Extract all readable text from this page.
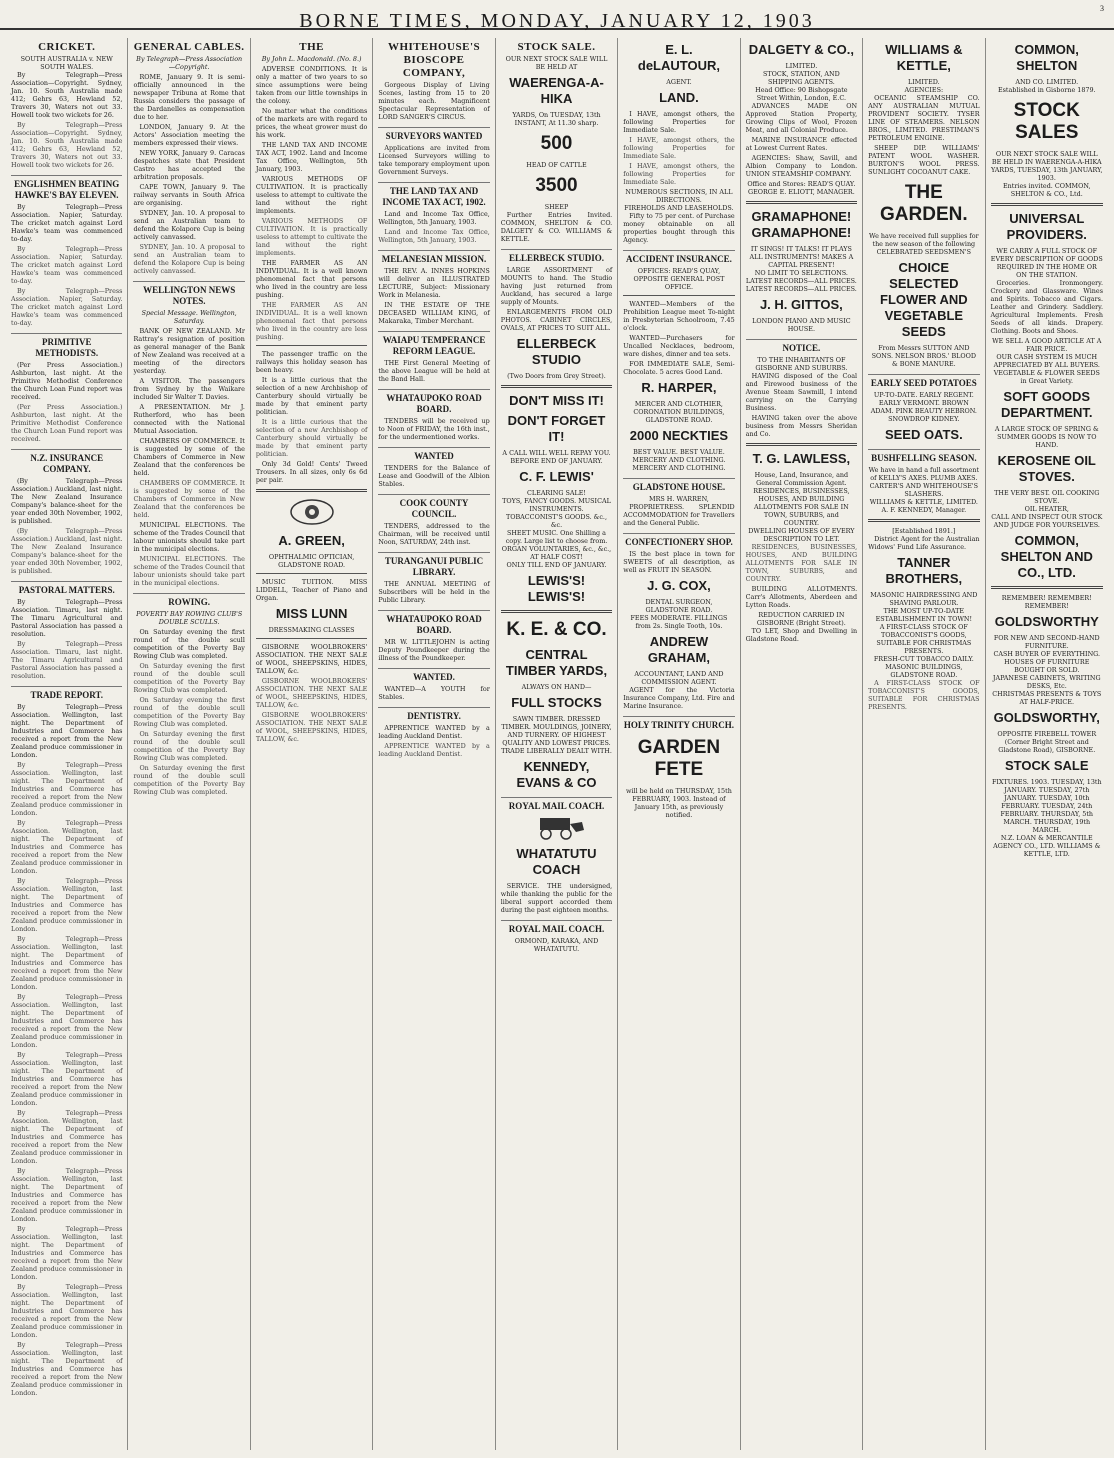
BORNE TIMES, MONDAY, JANUARY 12, 1903
3
CRICKET.
SOUTH AUSTRALIA v. NEW SOUTH WALES.

By Telegraph—Press Association—Copyright. Sydney, Jan. 10. South Australia made 412; Gehrs 63, Hewland 52, Travers 30, Waters not out 33. Howell took two wickets for 26.

By Telegraph—Press Association—Copyright. Sydney, Jan. 10. South Australia made 412; Gehrs 63, Hewland 52, Travers 30, Waters not out 33. Howell took two wickets for 26.

ENGLISHMEN BEATING HAWKE'S BAY ELEVEN.

By Telegraph—Press Association. Napier, Saturday. The cricket match against Lord Hawke's team was commenced to-day.

By Telegraph—Press Association. Napier, Saturday. The cricket match against Lord Hawke's team was commenced to-day.

By Telegraph—Press Association. Napier, Saturday. The cricket match against Lord Hawke's team was commenced to-day.

PRIMITIVE METHODISTS.

(Per Press Association.) Ashburton, last night. At the Primitive Methodist Conference the Church Loan Fund report was received.

(Per Press Association.) Ashburton, last night. At the Primitive Methodist Conference the Church Loan Fund report was received.

N.Z. INSURANCE COMPANY.

(By Telegraph—Press Association.) Auckland, last night. The New Zealand Insurance Company's balance-sheet for the year ended 30th November, 1902, is published.

(By Telegraph—Press Association.) Auckland, last night. The New Zealand Insurance Company's balance-sheet for the year ended 30th November, 1902, is published.

PASTORAL MATTERS.

By Telegraph—Press Association. Timaru, last night. The Timaru Agricultural and Pastoral Association has passed a resolution.

By Telegraph—Press Association. Timaru, last night. The Timaru Agricultural and Pastoral Association has passed a resolution.

TRADE REPORT.

By Telegraph—Press Association. Wellington, last night. The Department of Industries and Commerce has received a report from the New Zealand produce commissioner in London.

By Telegraph—Press Association. Wellington, last night. The Department of Industries and Commerce has received a report from the New Zealand produce commissioner in London.

By Telegraph—Press Association. Wellington, last night. The Department of Industries and Commerce has received a report from the New Zealand produce commissioner in London.

By Telegraph—Press Association. Wellington, last night. The Department of Industries and Commerce has received a report from the New Zealand produce commissioner in London.

By Telegraph—Press Association. Wellington, last night. The Department of Industries and Commerce has received a report from the New Zealand produce commissioner in London.

By Telegraph—Press Association. Wellington, last night. The Department of Industries and Commerce has received a report from the New Zealand produce commissioner in London.

By Telegraph—Press Association. Wellington, last night. The Department of Industries and Commerce has received a report from the New Zealand produce commissioner in London.

By Telegraph—Press Association. Wellington, last night. The Department of Industries and Commerce has received a report from the New Zealand produce commissioner in London.

By Telegraph—Press Association. Wellington, last night. The Department of Industries and Commerce has received a report from the New Zealand produce commissioner in London.

By Telegraph—Press Association. Wellington, last night. The Department of Industries and Commerce has received a report from the New Zealand produce commissioner in London.

By Telegraph—Press Association. Wellington, last night. The Department of Industries and Commerce has received a report from the New Zealand produce commissioner in London.

By Telegraph—Press Association. Wellington, last night. The Department of Industries and Commerce has received a report from the New Zealand produce commissioner in London.

GENERAL CABLES.
By Telegraph—Press Association—Copyright.

ROME, January 9. It is semi-officially announced in the newspaper Tribuna at Rome that Russia considers the passage of the Dardanelles as compensation due to her.

LONDON, January 9. At the Actors' Association meeting the members expressed their views.

NEW YORK, January 9. Caracas despatches state that President Castro has accepted the arbitration proposals.

CAPE TOWN, January 9. The railway servants in South Africa are organising.

SYDNEY, Jan. 10. A proposal to send an Australian team to defend the Kolapore Cup is being actively canvassed.

SYDNEY, Jan. 10. A proposal to send an Australian team to defend the Kolapore Cup is being actively canvassed.

WELLINGTON NEWS NOTES.
Special Message. Wellington, Saturday.

BANK OF NEW ZEALAND. Mr Rattray's resignation of position as general manager of the Bank of New Zealand was received at a meeting of the directors yesterday.

A VISITOR. The passengers from Sydney by the Waikare included Sir Walter T. Davies.

A PRESENTATION. Mr J. Rutherford, who has been connected with the National Mutual Association.

CHAMBERS OF COMMERCE. It is suggested by some of the Chambers of Commerce in New Zealand that the conferences be held.

CHAMBERS OF COMMERCE. It is suggested by some of the Chambers of Commerce in New Zealand that the conferences be held.

MUNICIPAL ELECTIONS. The scheme of the Trades Council that labour unionists should take part in the municipal elections.

MUNICIPAL ELECTIONS. The scheme of the Trades Council that labour unionists should take part in the municipal elections.

ROWING.
POVERTY BAY ROWING CLUB'S DOUBLE SCULLS.

On Saturday evening the first round of the double scull competition of the Poverty Bay Rowing Club was completed.

On Saturday evening the first round of the double scull competition of the Poverty Bay Rowing Club was completed.

On Saturday evening the first round of the double scull competition of the Poverty Bay Rowing Club was completed.

On Saturday evening the first round of the double scull competition of the Poverty Bay Rowing Club was completed.

On Saturday evening the first round of the double scull competition of the Poverty Bay Rowing Club was completed.

THE
By John L. Macdonald. (No. 8.)

ADVERSE CONDITIONS. It is only a matter of two years to so since assumptions were being taken from our little townships in the colony.

No matter what the conditions of the markets are with regard to prices, the wheat grower must do his work.

THE LAND TAX AND INCOME TAX ACT, 1902. Land and Income Tax Office, Wellington, 5th January, 1903.

VARIOUS METHODS OF CULTIVATION. It is practically useless to attempt to cultivate the land without the right implements.

VARIOUS METHODS OF CULTIVATION. It is practically useless to attempt to cultivate the land without the right implements.

THE FARMER AS AN INDIVIDUAL. It is a well known phenomenal fact that persons who lived in the country are less pushing.

THE FARMER AS AN INDIVIDUAL. It is a well known phenomenal fact that persons who lived in the country are less pushing.

The passenger traffic on the railways this holiday season has been heavy.

It is a little curious that the selection of a new Archbishop of Canterbury should virtually be made by that eminent party politician.

It is a little curious that the selection of a new Archbishop of Canterbury should virtually be made by that eminent party politician.

Only 3d Gold! Cents' Tweed Trousers. In all sizes, only 6s 6d per pair.

A. GREEN,
OPHTHALMIC OPTICIAN, GLADSTONE ROAD.

MUSIC TUITION. MISS LIDDELL, Teacher of Piano and Organ.

MISS LUNN
DRESSMAKING CLASSES

GISBORNE WOOLBROKERS' ASSOCIATION. THE NEXT SALE of WOOL, SHEEPSKINS, HIDES, TALLOW, &c.

GISBORNE WOOLBROKERS' ASSOCIATION. THE NEXT SALE of WOOL, SHEEPSKINS, HIDES, TALLOW, &c.

GISBORNE WOOLBROKERS' ASSOCIATION. THE NEXT SALE of WOOL, SHEEPSKINS, HIDES, TALLOW, &c.

WHITEHOUSE'S BIOSCOPE COMPANY,

Gorgeous Display of Living Scenes, lasting from 15 to 20 minutes each. Magnificent Spectacular Representation of LORD SANGER'S CIRCUS.

SURVEYORS WANTED

Applications are invited from Licensed Surveyors willing to take temporary employment upon Government Surveys.

THE LAND TAX AND INCOME TAX ACT, 1902.

Land and Income Tax Office, Wellington, 5th January, 1903.

Land and Income Tax Office, Wellington, 5th January, 1903.

MELANESIAN MISSION.

THE REV. A. INNES HOPKINS will deliver an ILLUSTRATED LECTURE, Subject: Missionary Work in Melanesia.

IN THE ESTATE OF THE DECEASED WILLIAM KING, of Makaraka, Timber Merchant.

WAIAPU TEMPERANCE REFORM LEAGUE.

THE First General Meeting of the above League will be held at the Band Hall.

WHATAUPOKO ROAD BOARD.

TENDERS will be received up to Noon of FRIDAY, the 16th inst., for the undermentioned works.

WANTED

TENDERS for the Balance of Lease and Goodwill of the Albion Stables.

COOK COUNTY COUNCIL.

TENDERS, addressed to the Chairman, will be received until Noon, SATURDAY, 24th inst.

TURANGANUI PUBLIC LIBRARY.

THE ANNUAL MEETING of Subscribers will be held in the Public Library.

WHATAUPOKO ROAD BOARD.

MR W. LITTLEJOHN is acting Deputy Poundkeeper during the illness of the Poundkeeper.

WANTED.

WANTED—A YOUTH for Stables.

DENTISTRY.

APPRENTICE WANTED by a leading Auckland Dentist.

APPRENTICE WANTED by a leading Auckland Dentist.

STOCK SALE.
OUR NEXT STOCK SALE WILL BE HELD AT
WAERENGA-A-HIKA
YARDS, On TUESDAY, 13th INSTANT, At 11.30 sharp.
500
HEAD OF CATTLE
3500
SHEEP

Further Entries Invited. COMMON, SHELTON & CO. DALGETY & CO. WILLIAMS & KETTLE.

ELLERBECK STUDIO.

LARGE ASSORTMENT of MOUNTS to hand. The Studio having just returned from Auckland, has secured a large supply of Mounts.

ENLARGEMENTS FROM OLD PHOTOS. CABINET CIRCLES, OVALS, AT PRICES TO SUIT ALL.

ELLERBECK STUDIO
(Two Doors from Grey Street).
DON'T MISS IT!
DON'T FORGET IT!
A CALL WILL WELL REPAY YOU. BEFORE END OF JANUARY.
C. F. LEWIS'
CLEARING SALE!
TOYS, FANCY GOODS. MUSICAL INSTRUMENTS. TOBACCONIST'S GOODS. &c., &c.
SHEET MUSIC. One Shilling a copy. Large list to choose from.
ORGAN VOLUNTARIES, &c., &c., AT HALF COST!
ONLY TILL END OF JANUARY.
LEWIS'S! LEWIS'S!
K. E. & CO.
CENTRAL TIMBER YARDS,
ALWAYS ON HAND—
FULL STOCKS
SAWN TIMBER. DRESSED TIMBER. MOULDINGS, JOINERY, AND TURNERY. OF HIGHEST QUALITY AND LOWEST PRICES.
TRADE LIBERALLY DEALT WITH.
KENNEDY, EVANS & CO
ROYAL MAIL COACH.
WHATATUTU COACH

SERVICE. THE undersigned, while thanking the public for the liberal support accorded them during the past eighteen months.

ROYAL MAIL COACH.
ORMOND, KARAKA, AND WHATATUTU.
E. L. deLAUTOUR,
AGENT.
LAND.

I HAVE, amongst others, the following Properties for Immediate Sale.

I HAVE, amongst others, the following Properties for Immediate Sale.

I HAVE, amongst others, the following Properties for Immediate Sale.

NUMEROUS SECTIONS, IN ALL DIRECTIONS.
FIREHOLDS AND LEASEHOLDS.

Fifty to 75 per cent. of Purchase money obtainable on all properties bought through this Agency.

ACCIDENT INSURANCE.
OFFICES: READ'S QUAY, OPPOSITE GENERAL POST OFFICE.

WANTED—Members of the Prohibition League meet To-night in Presbyterian Schoolroom, 7.45 o'clock.

WANTED—Purchasers for Uncalled Necklaces, bedroom, ware dishes, dinner and tea sets.

FOR IMMEDIATE SALE, Semi-Chocolate. 5 acres Good Land.

R. HARPER,
MERCER AND CLOTHIER, CORONATION BUILDINGS, GLADSTONE ROAD.
2000 NECKTIES
BEST VALUE. BEST VALUE.
MERCERY AND CLOTHING. MERCERY AND CLOTHING.
GLADSTONE HOUSE.
MRS H. WARREN,

PROPRIETRESS. SPLENDID ACCOMMODATION for Travellers and the General Public.

CONFECTIONERY SHOP.

IS the best place in town for SWEETS of all description, as well as FRUIT IN SEASON.

J. G. COX,
DENTAL SURGEON, GLADSTONE ROAD.
FEES MODERATE. FILLINGS from 2s. Single Tooth, 10s.
ANDREW GRAHAM,
ACCOUNTANT, LAND AND COMMISSION AGENT.

AGENT for the Victoria Insurance Company, Ltd. Fire and Marine Insurance.

HOLY TRINITY CHURCH.
GARDEN FETE
will be held on THURSDAY, 15th FEBRUARY, 1903. Instead of January 15th, as previously notified.
DALGETY & CO.,
LIMITED.
STOCK, STATION, AND SHIPPING AGENTS.
Head Office: 90 Bishopsgate Street Within, London, E.C.

ADVANCES MADE ON Approved Station Property, Growing Clips of Wool, Frozen Meat, and all Colonial Produce.

MARINE INSURANCE effected at Lowest Current Rates.

AGENCIES: Shaw, Savill, and Albion Company to London. UNION STEAMSHIP COMPANY.

Office and Stores: READ'S QUAY.
GEORGE E. ELIOTT, MANAGER.
GRAMAPHONE! GRAMAPHONE!
IT SINGS! IT TALKS! IT PLAYS ALL INSTRUMENTS! MAKES A CAPITAL PRESENT!
NO LIMIT TO SELECTIONS.
LATEST RECORDS—ALL PRICES. LATEST RECORDS—ALL PRICES.
J. H. GITTOS,
LONDON PIANO AND MUSIC HOUSE.
NOTICE.
TO THE INHABITANTS OF GISBORNE AND SUBURBS.

HAVING disposed of the Coal and Firewood business of the Avenue Steam Sawmill, I intend carrying on the Carrying Business.

HAVING taken over the above business from Messrs Sheridan and Co.

T. G. LAWLESS,
House, Land, Insurance, and General Commission Agent.
RESIDENCES, BUSINESSES, HOUSES, AND BUILDING ALLOTMENTS FOR SALE IN TOWN, SUBURBS, and COUNTRY.
DWELLING HOUSES OF EVERY DESCRIPTION TO LET.

RESIDENCES, BUSINESSES, HOUSES, AND BUILDING ALLOTMENTS FOR SALE IN TOWN, SUBURBS, and COUNTRY.

BUILDING ALLOTMENTS. Carr's Allotments, Aberdeen and Lytton Roads.

REDUCTION CARRIED IN GISBORNE (Bright Street).

TO LET, Shop and Dwelling in Gladstone Road.

WILLIAMS & KETTLE,
LIMITED.
AGENCIES:

OCEANIC STEAMSHIP CO. ANY AUSTRALIAN MUTUAL PROVIDENT SOCIETY. TYSER LINE OF STEAMERS. NELSON BROS., LIMITED. PRESTIMAN'S PETROLEUM ENGINE.

SHEEP DIP. WILLIAMS' PATENT WOOL WASHER. BURTON'S WOOL PRESS. SUNLIGHT COCOANUT CAKE.

THE GARDEN.
We have received full supplies for the new season of the following CELEBRATED SEEDSMEN'S
CHOICE SELECTED FLOWER AND VEGETABLE SEEDS
From Messrs SUTTON AND SONS. NELSON BROS.' BLOOD & BONE MANURE.
EARLY SEED POTATOES
UP-TO-DATE. EARLY REGENT. EARLY VERMONT. BROWN ADAM. PINK BEAUTY HEBRON. SNOWDROP KIDNEY.
SEED OATS.
BUSHFELLING SEASON.
We have in hand a full assortment of KELLY'S AXES. PLUMB AXES. CARTER'S AND WHITEHOUSE'S SLASHERS.
WILLIAMS & KETTLE, LIMITED.
A. F. KENNEDY, Manager.
[Established 1891.]

District Agent for the Australian Widows' Fund Life Assurance.

TANNER BROTHERS,
MASONIC HAIRDRESSING AND SHAVING PARLOUR.
THE MOST UP-TO-DATE ESTABLISHMENT IN TOWN!
A FIRST-CLASS STOCK OF TOBACCONIST'S GOODS, SUITABLE FOR CHRISTMAS PRESENTS.
FRESH-CUT TOBACCO DAILY.
MASONIC BUILDINGS, GLADSTONE ROAD.

A FIRST-CLASS STOCK OF TOBACCONIST'S GOODS, SUITABLE FOR CHRISTMAS PRESENTS.

COMMON, SHELTON
AND CO. LIMITED.
Established in Gisborne 1879.
STOCK SALES
OUR NEXT STOCK SALE WILL BE HELD IN WAERENGA-A-HIKA YARDS, TUESDAY, 13th JANUARY, 1903.
Entries invited. COMMON, SHELTON & CO., Ltd.
UNIVERSAL PROVIDERS.
WE CARRY A FULL STOCK OF EVERY DESCRIPTION OF GOODS REQUIRED IN THE HOME OR ON THE STATION.

Groceries. Ironmongery. Crockery and Glassware. Wines and Spirits. Tobacco and Cigars. Leather and Grindery. Saddlery. Agricultural Implements. Fresh Seeds of all kinds. Drapery. Clothing. Boots and Shoes.

WE SELL A GOOD ARTICLE AT A FAIR PRICE.
OUR CASH SYSTEM IS MUCH APPRECIATED BY ALL BUYERS.
VEGETABLE & FLOWER SEEDS in Great Variety.
SOFT GOODS DEPARTMENT.
A LARGE STOCK OF SPRING & SUMMER GOODS IS NOW TO HAND.
KEROSENE OIL STOVES.
THE VERY BEST. OIL COOKING STOVE.
OIL HEATER,
CALL AND INSPECT OUR STOCK AND JUDGE FOR YOURSELVES.
COMMON, SHELTON AND CO., LTD.
REMEMBER! REMEMBER! REMEMBER!
GOLDSWORTHY
FOR NEW AND SECOND-HAND FURNITURE.
CASH BUYER OF EVERYTHING.
HOUSES OF FURNITURE BOUGHT OR SOLD.
JAPANESE CABINETS, WRITING DESKS, Etc.
CHRISTMAS PRESENTS & TOYS AT HALF-PRICE.
GOLDSWORTHY,
OPPOSITE FIREBELL TOWER (Corner Bright Street and Gladstone Road), GISBORNE.
STOCK SALE
FIXTURES. 1903. TUESDAY, 13th JANUARY. TUESDAY, 27th JANUARY. TUESDAY, 10th FEBRUARY. TUESDAY, 24th FEBRUARY. THURSDAY, 5th MARCH. THURSDAY, 19th MARCH.
N.Z. LOAN & MERCANTILE AGENCY CO., LTD. WILLIAMS & KETTLE, LTD.
